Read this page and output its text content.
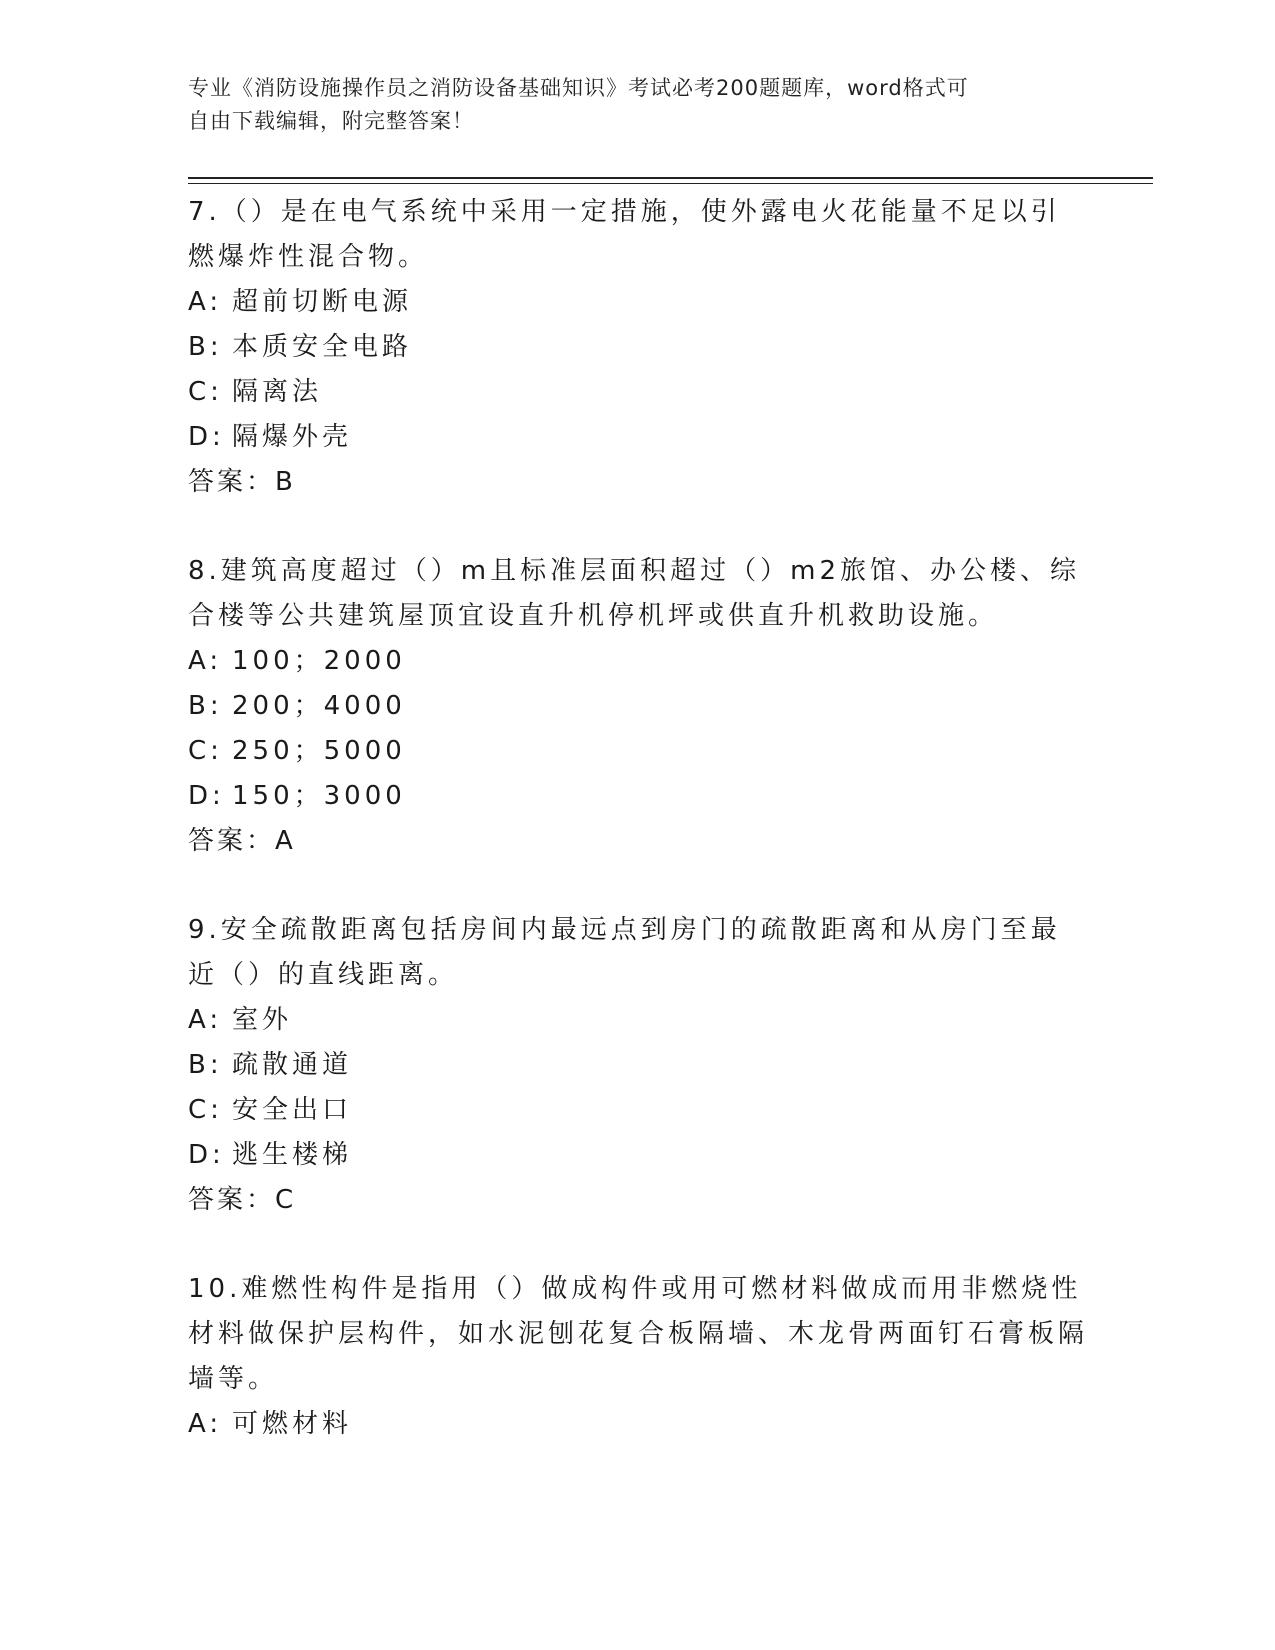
专业《消防设施操作员之消防设备基础知识》考试必考200题题库，word格式可
自由下载编辑，附完整答案！

7.（）是在电气系统中采用一定措施，使外露电火花能量不足以引燃爆炸性混合物。

A: 超前切断电源
B: 本质安全电路
C: 隔离法
D: 隔爆外壳

答案：B

8.建筑高度超过（）m且标准层面积超过（）m2旅馆、办公楼、综合楼等公共建筑屋顶宜设直升机停机坪或供直升机救助设施。

A: 100；2000
B: 200；4000
C: 250；5000
D: 150；3000

答案：A

9.安全疏散距离包括房间内最远点到房门的疏散距离和从房门至最近（）的直线距离。

A: 室外
B: 疏散通道
C: 安全出口
D: 逃生楼梯

答案：C

10.难燃性构件是指用（）做成构件或用可燃材料做成而用非燃烧性材料做保护层构件，如水泥刨花复合板隔墙、木龙骨两面钉石膏板隔墙等。

A: 可燃材料
